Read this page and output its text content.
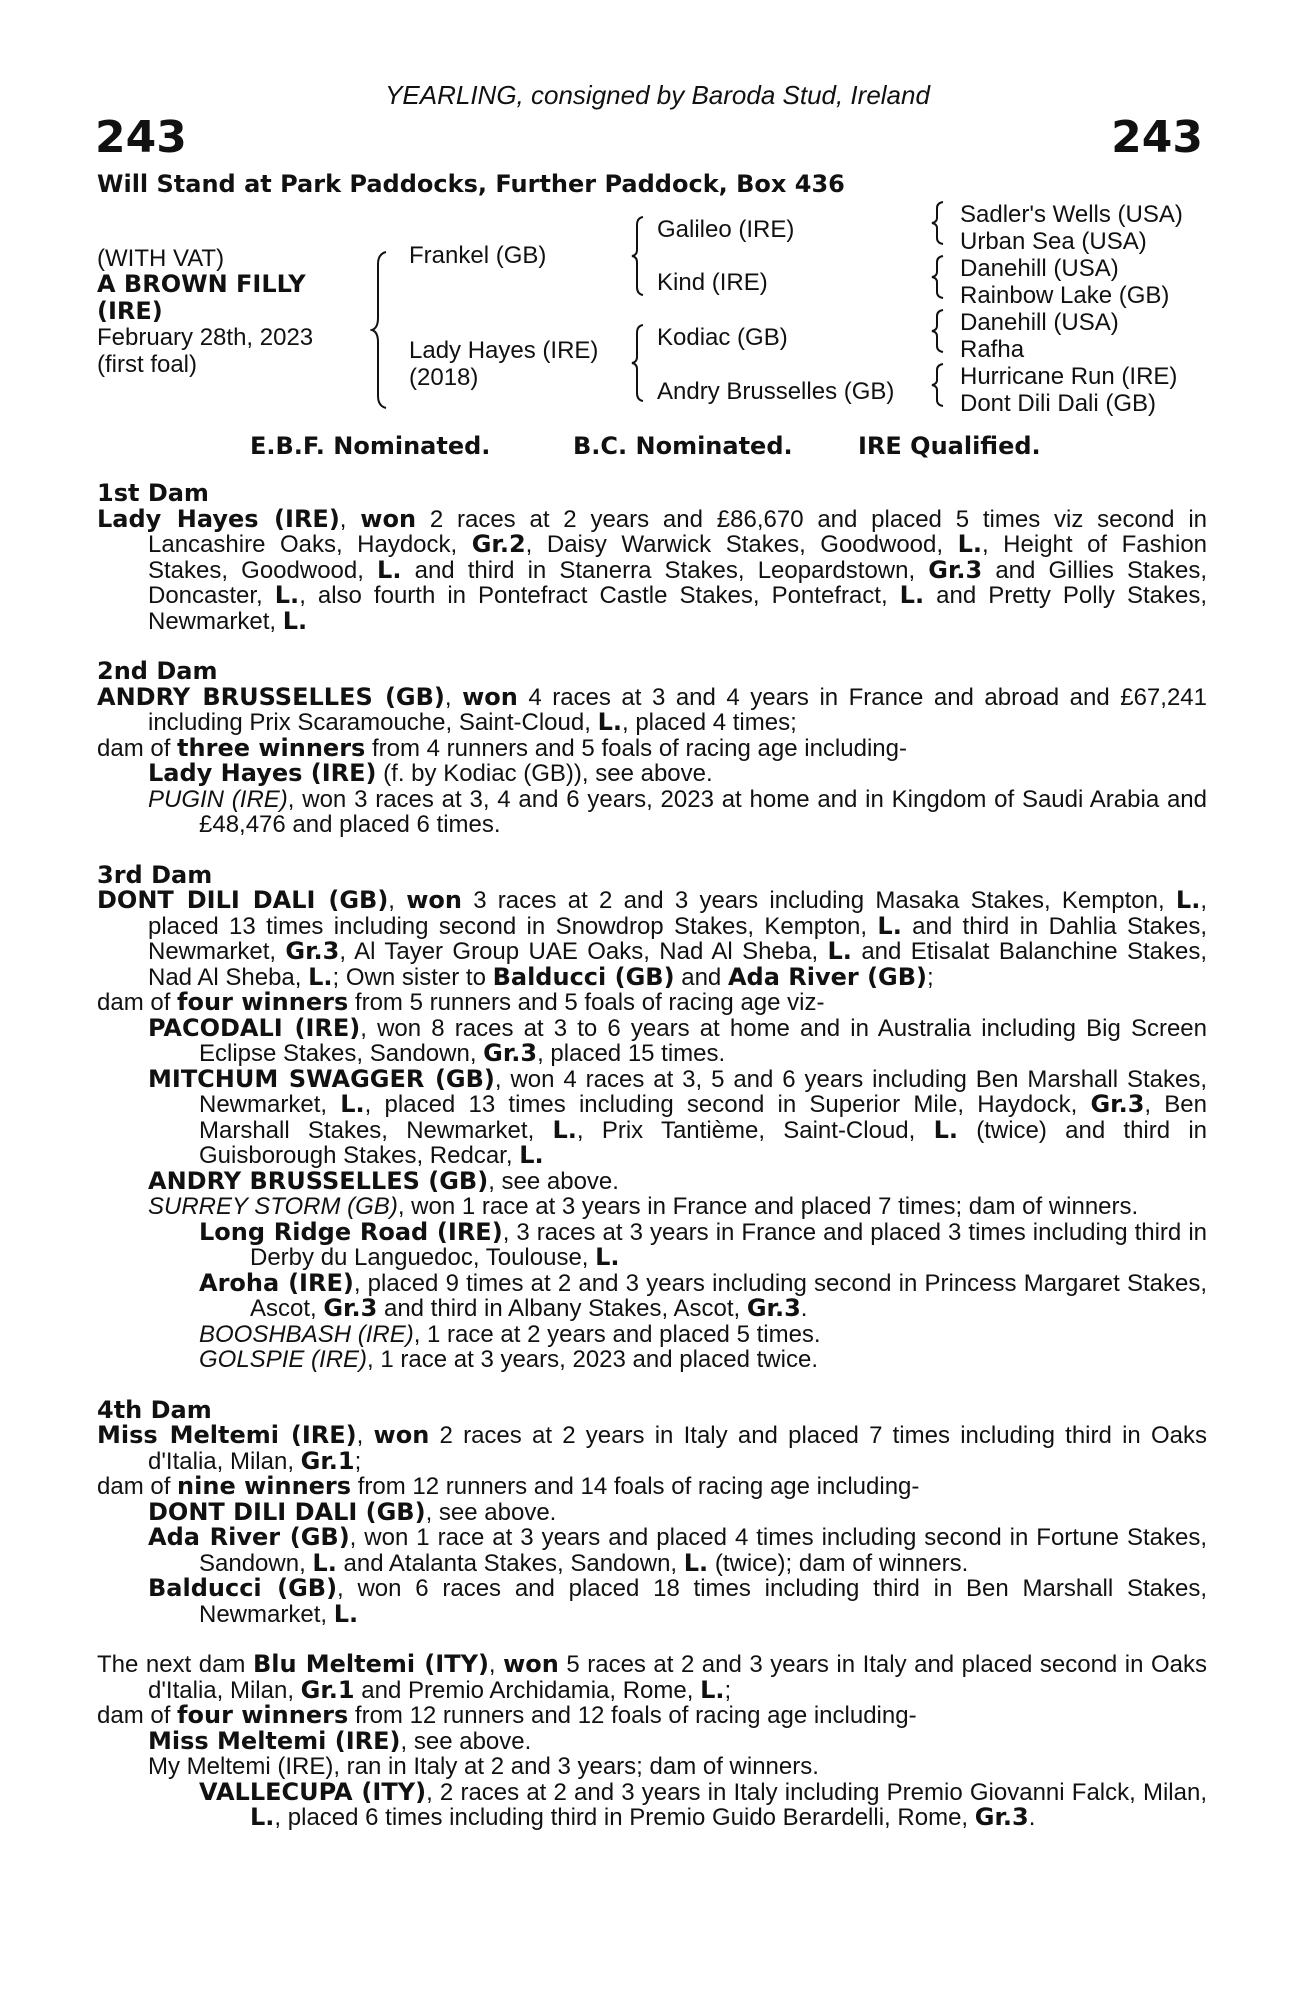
YEARLING, consigned by Baroda Stud, Ireland
243	243
Will Stand at Park Paddocks, Further Paddock, Box 436
(WITH VAT)
A BROWN FILLY
(IRE)
February 28th, 2023
(first foal)
Frankel (GB)
Lady Hayes (IRE)
(2018)
Galileo (IRE)
Kind (IRE)
Kodiac (GB)
Andry Brusselles (GB)
Sadler's Wells (USA)
Urban Sea (USA)
Danehill (USA)
Rainbow Lake (GB)
Danehill (USA)
Rafha
Hurricane Run (IRE)
Dont Dili Dali (GB)
E.B.F. Nominated.	B.C. Nominated.	IRE Qualified.
1st Dam
Lady Hayes (IRE), won 2 races at 2 years and £86,670 and placed 5 times viz second in Lancashire Oaks, Haydock, Gr.2, Daisy Warwick Stakes, Goodwood, L., Height of Fashion Stakes, Goodwood, L. and third in Stanerra Stakes, Leopardstown, Gr.3 and Gillies Stakes, Doncaster, L., also fourth in Pontefract Castle Stakes, Pontefract, L. and Pretty Polly Stakes, Newmarket, L.
2nd Dam
ANDRY BRUSSELLES (GB), won 4 races at 3 and 4 years in France and abroad and £67,241 including Prix Scaramouche, Saint-Cloud, L., placed 4 times;
dam of three winners from 4 runners and 5 foals of racing age including-
Lady Hayes (IRE) (f. by Kodiac (GB)), see above.
PUGIN (IRE), won 3 races at 3, 4 and 6 years, 2023 at home and in Kingdom of Saudi Arabia and £48,476 and placed 6 times.
3rd Dam
DONT DILI DALI (GB), won 3 races at 2 and 3 years including Masaka Stakes, Kempton, L., placed 13 times including second in Snowdrop Stakes, Kempton, L. and third in Dahlia Stakes, Newmarket, Gr.3, Al Tayer Group UAE Oaks, Nad Al Sheba, L. and Etisalat Balanchine Stakes, Nad Al Sheba, L.; Own sister to Balducci (GB) and Ada River (GB);
dam of four winners from 5 runners and 5 foals of racing age viz-
PACODALI (IRE), won 8 races at 3 to 6 years at home and in Australia including Big Screen Eclipse Stakes, Sandown, Gr.3, placed 15 times.
MITCHUM SWAGGER (GB), won 4 races at 3, 5 and 6 years including Ben Marshall Stakes, Newmarket, L., placed 13 times including second in Superior Mile, Haydock, Gr.3, Ben Marshall Stakes, Newmarket, L., Prix Tantième, Saint-Cloud, L. (twice) and third in Guisborough Stakes, Redcar, L.
ANDRY BRUSSELLES (GB), see above.
SURREY STORM (GB), won 1 race at 3 years in France and placed 7 times; dam of winners.
Long Ridge Road (IRE), 3 races at 3 years in France and placed 3 times including third in Derby du Languedoc, Toulouse, L.
Aroha (IRE), placed 9 times at 2 and 3 years including second in Princess Margaret Stakes, Ascot, Gr.3 and third in Albany Stakes, Ascot, Gr.3.
BOOSHBASH (IRE), 1 race at 2 years and placed 5 times.
GOLSPIE (IRE), 1 race at 3 years, 2023 and placed twice.
4th Dam
Miss Meltemi (IRE), won 2 races at 2 years in Italy and placed 7 times including third in Oaks d'Italia, Milan, Gr.1;
dam of nine winners from 12 runners and 14 foals of racing age including-
DONT DILI DALI (GB), see above.
Ada River (GB), won 1 race at 3 years and placed 4 times including second in Fortune Stakes, Sandown, L. and Atalanta Stakes, Sandown, L. (twice); dam of winners.
Balducci (GB), won 6 races and placed 18 times including third in Ben Marshall Stakes, Newmarket, L.
The next dam Blu Meltemi (ITY), won 5 races at 2 and 3 years in Italy and placed second in Oaks d'Italia, Milan, Gr.1 and Premio Archidamia, Rome, L.;
dam of four winners from 12 runners and 12 foals of racing age including-
Miss Meltemi (IRE), see above.
My Meltemi (IRE), ran in Italy at 2 and 3 years; dam of winners.
VALLECUPA (ITY), 2 races at 2 and 3 years in Italy including Premio Giovanni Falck, Milan, L., placed 6 times including third in Premio Guido Berardelli, Rome, Gr.3.
